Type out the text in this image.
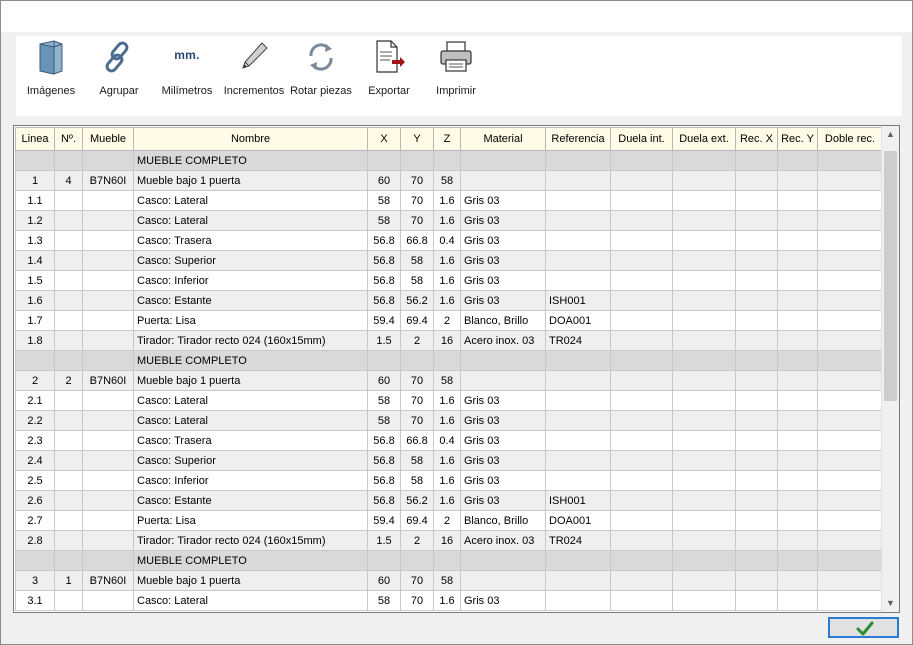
Imágenes	Agrupar
mm.
Milímetros	Incrementos Rotar piezas	Exportar	Imprimir
Linea	Nº.	Mueble	Nombre	X	Y	Z	Material	Referencia	Duela int.	Duela ext.	Rec. X	Rec. Y	Doble rec.
			MUEBLE COMPLETO										
1	4	B7N60I	Mueble bajo 1 puerta	60	70	58							
1.1			Casco: Lateral	58	70	1.6	Gris 03						
1.2			Casco: Lateral	58	70	1.6	Gris 03						
1.3			Casco: Trasera	56.8	66.8	0.4	Gris 03						
1.4			Casco: Superior	56.8	58	1.6	Gris 03						
1.5			Casco: Inferior	56.8	58	1.6	Gris 03						
1.6			Casco: Estante	56.8	56.2	1.6	Gris 03	ISH001					
1.7			Puerta: Lisa	59.4	69.4	2	Blanco, Brillo	DOA001					
1.8			Tirador: Tirador recto 024 (160x15mm)	1.5	2	16	Acero inox. 03	TR024					
			MUEBLE COMPLETO										
2	2	B7N60I	Mueble bajo 1 puerta	60	70	58							
2.1			Casco: Lateral	58	70	1.6	Gris 03						
2.2			Casco: Lateral	58	70	1.6	Gris 03						
2.3			Casco: Trasera	56.8	66.8	0.4	Gris 03						
2.4			Casco: Superior	56.8	58	1.6	Gris 03						
2.5			Casco: Inferior	56.8	58	1.6	Gris 03						
2.6			Casco: Estante	56.8	56.2	1.6	Gris 03	ISH001					
2.7			Puerta: Lisa	59.4	69.4	2	Blanco, Brillo	DOA001					
2.8			Tirador: Tirador recto 024 (160x15mm)	1.5	2	16	Acero inox. 03	TR024					
			MUEBLE COMPLETO										
3	1	B7N60I	Mueble bajo 1 puerta	60	70	58							
3.1			Casco: Lateral	58	70	1.6	Gris 03						
▲
▼
